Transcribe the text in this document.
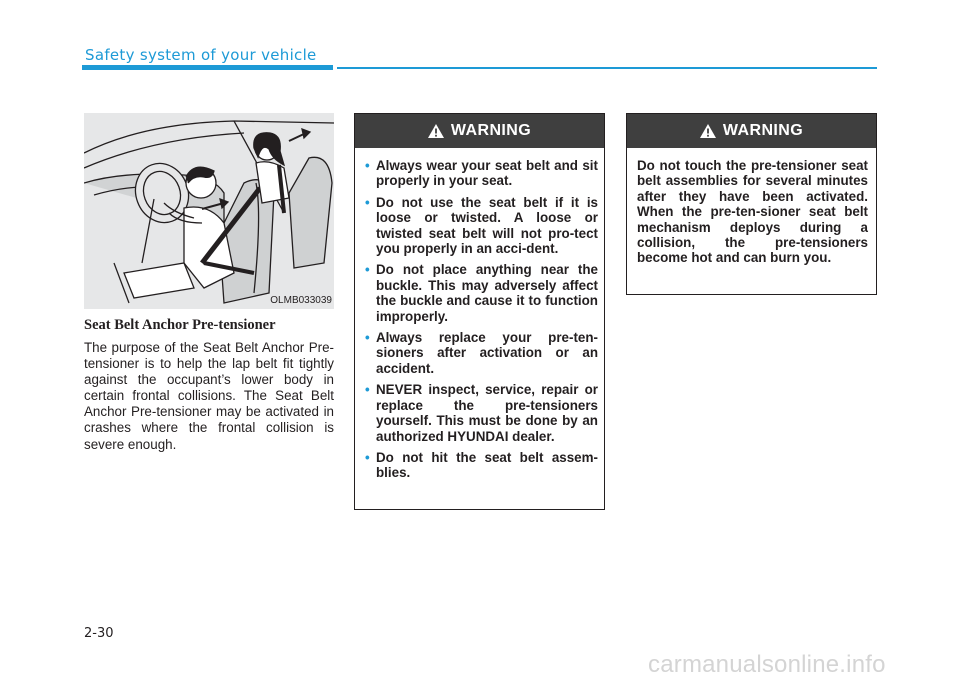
Safety system of your vehicle
OLMB033039
Seat Belt Anchor Pre-tensioner
The purpose of the Seat Belt Anchor Pre-tensioner is to help the lap belt fit tightly against the occupant’s lower body in certain frontal collisions. The Seat Belt Anchor Pre-tensioner may be activated in crashes where the frontal collision is severe enough.
WARNING
• Always wear your seat belt and sit properly in your seat.
• Do not use the seat belt if it is loose or twisted. A loose or twisted seat belt will not pro-tect you properly in an acci-dent.
• Do not place anything near the buckle. This may adversely affect the buckle and cause it to function improperly.
• Always replace your pre-ten-sioners after activation or an accident.
• NEVER inspect, service, repair or replace the pre-tensioners yourself. This must be done by an authorized HYUNDAI dealer.
• Do not hit the seat belt assem-blies.
WARNING
Do not touch the pre-tensioner seat belt assemblies for several minutes after they have been activated. When the pre-ten-sioner seat belt mechanism deploys during a collision, the pre-tensioners become hot and can burn you.
2-30
carmanualsonline.info
